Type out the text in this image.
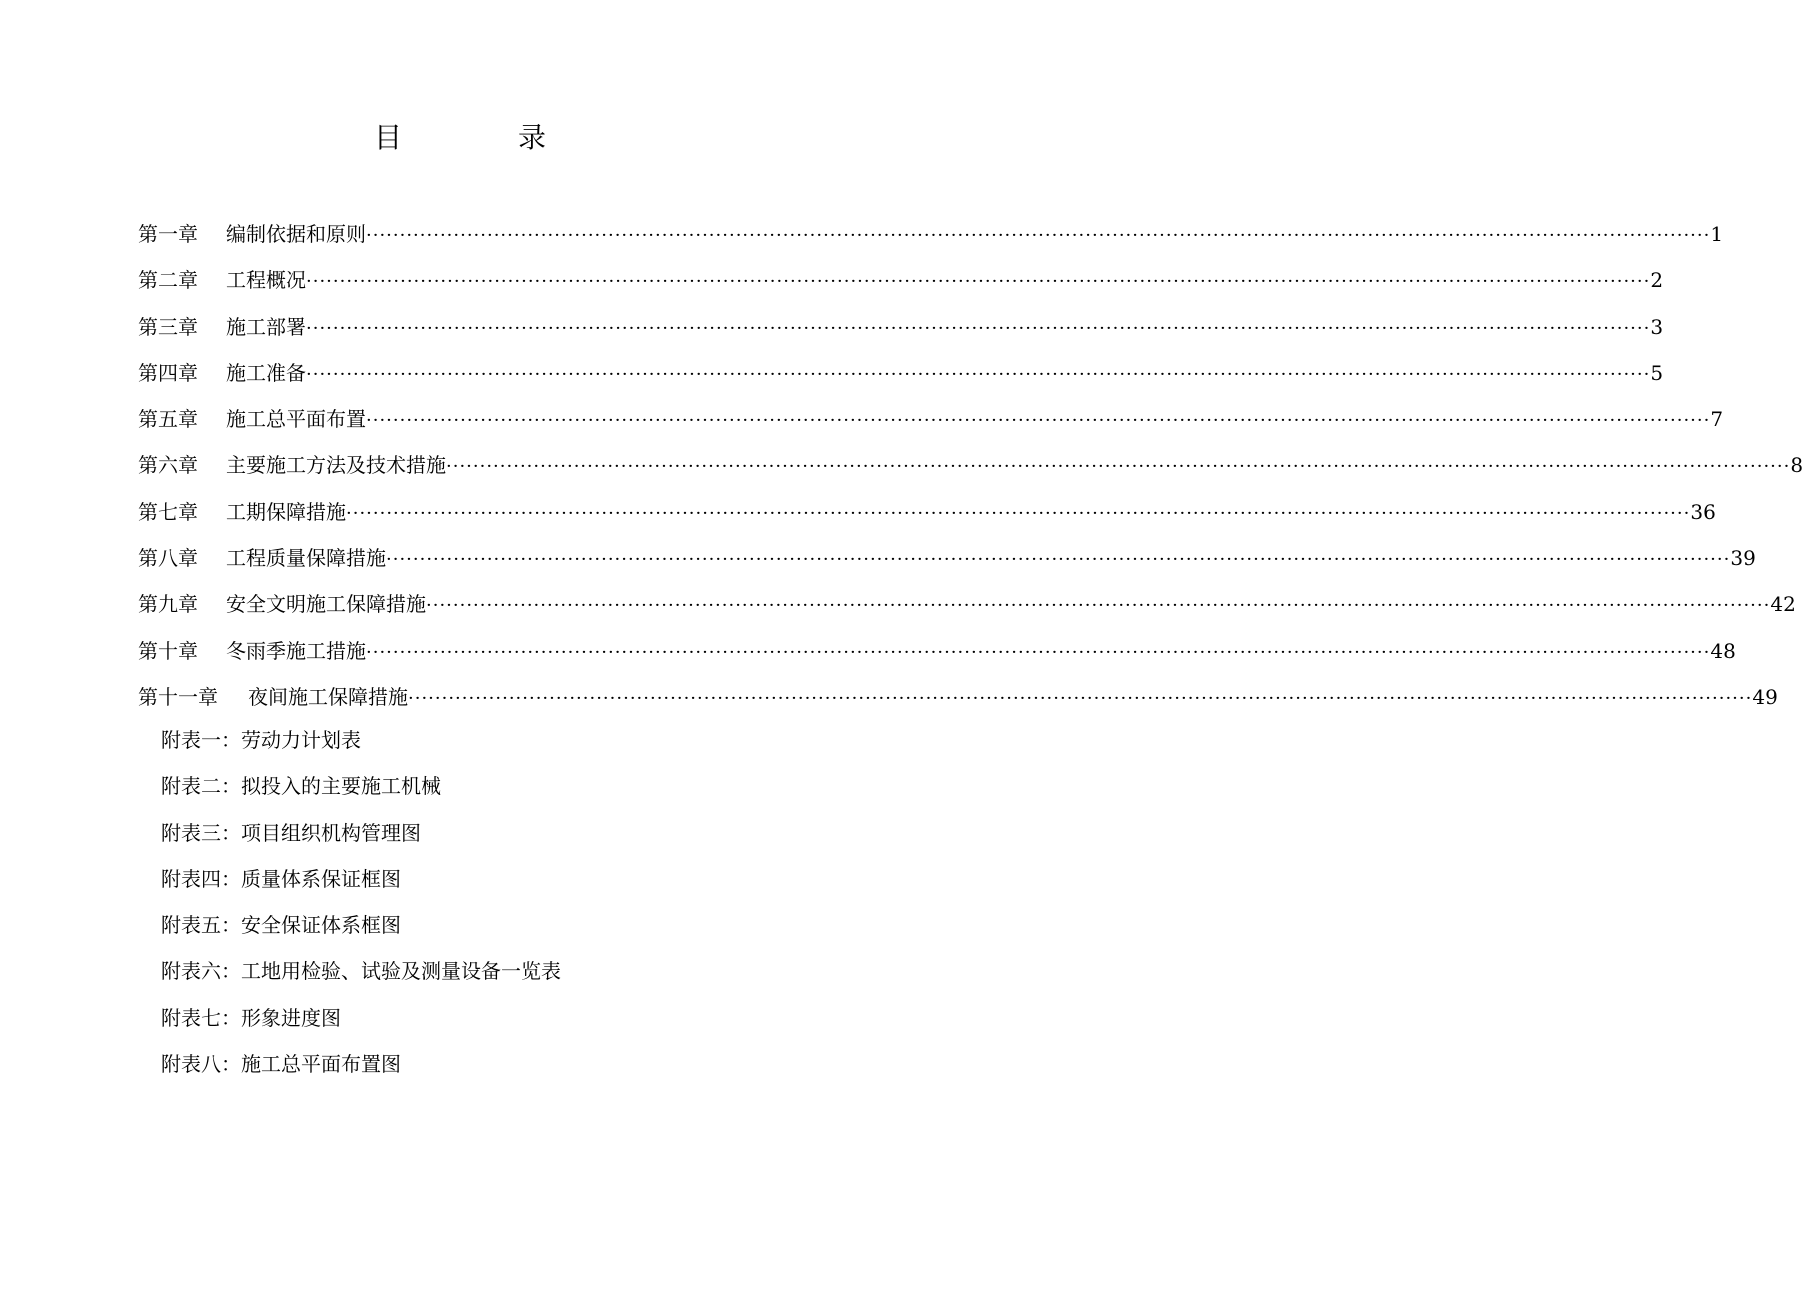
目　录
第一章	编制依据和原则 ········································································································································································································ 1
第二章	工程概况 ········································································································································································································ 2
第三章	施工部署 ········································································································································································································ 3
第四章	施工准备 ········································································································································································································ 5
第五章	施工总平面布置 ········································································································································································································ 7
第六章	主要施工方法及技术措施 ········································································································································································································ 8
第七章	工期保障措施 ········································································································································································································ 36
第八章	工程质量保障措施 ········································································································································································································ 39
第九章	安全文明施工保障措施 ········································································································································································································ 42
第十章	冬雨季施工措施 ········································································································································································································ 48
第十一章	夜间施工保障措施 ········································································································································································································ 49
附表一：劳动力计划表
附表二：拟投入的主要施工机械
附表三：项目组织机构管理图
附表四：质量体系保证框图
附表五：安全保证体系框图
附表六：工地用检验、试验及测量设备一览表
附表七：形象进度图
附表八：施工总平面布置图
